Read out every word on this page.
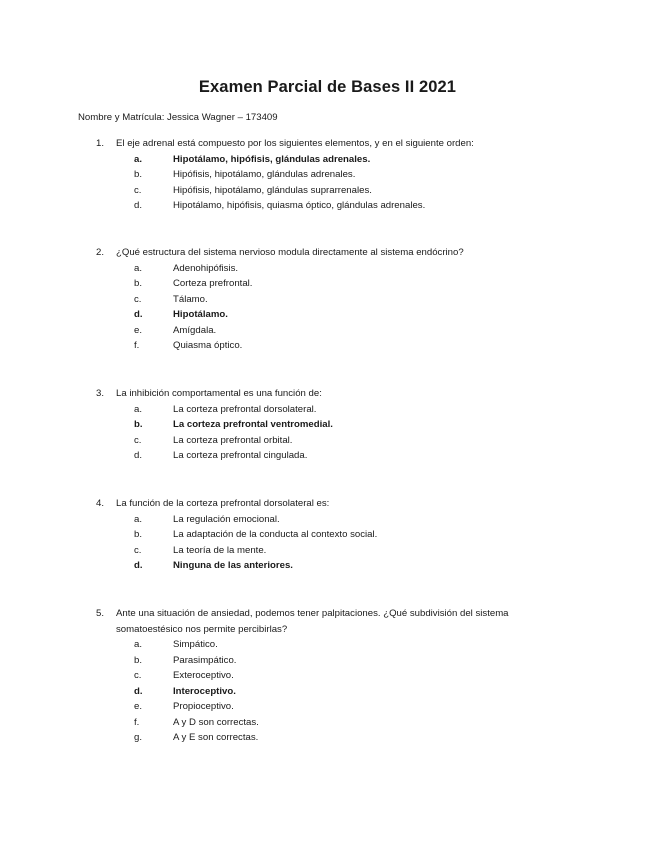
Examen Parcial de Bases II 2021
Nombre y Matrícula: Jessica Wagner – 173409
1.	El eje adrenal está compuesto por los siguientes elementos, y en el siguiente orden:
a.	Hipotálamo, hipófisis, glándulas adrenales.
b.	Hipófisis, hipotálamo, glándulas adrenales.
c.	Hipófisis, hipotálamo, glándulas suprarrenales.
d.	Hipotálamo, hipófisis, quiasma óptico, glándulas adrenales.
2.	¿Qué estructura del sistema nervioso modula directamente al sistema endócrino?
a.	Adenohipófisis.
b.	Corteza prefrontal.
c.	Tálamo.
d.	Hipotálamo.
e.	Amígdala.
f.	Quiasma óptico.
3.	La inhibición comportamental es una función de:
a.	La corteza prefrontal dorsolateral.
b.	La corteza prefrontal ventromedial.
c.	La corteza prefrontal orbital.
d.	La corteza prefrontal cingulada.
4.	La función de la corteza prefrontal dorsolateral es:
a.	La regulación emocional.
b.	La adaptación de la conducta al contexto social.
c.	La teoría de la mente.
d.	Ninguna de las anteriores.
5.	Ante una situación de ansiedad, podemos tener palpitaciones. ¿Qué subdivisión del sistema somatoestésico nos permite percibirlas?
a.	Simpático.
b.	Parasimpático.
c.	Exteroceptivo.
d.	Interoceptivo.
e.	Propioceptivo.
f.	A y D son correctas.
g.	A y E son correctas.
